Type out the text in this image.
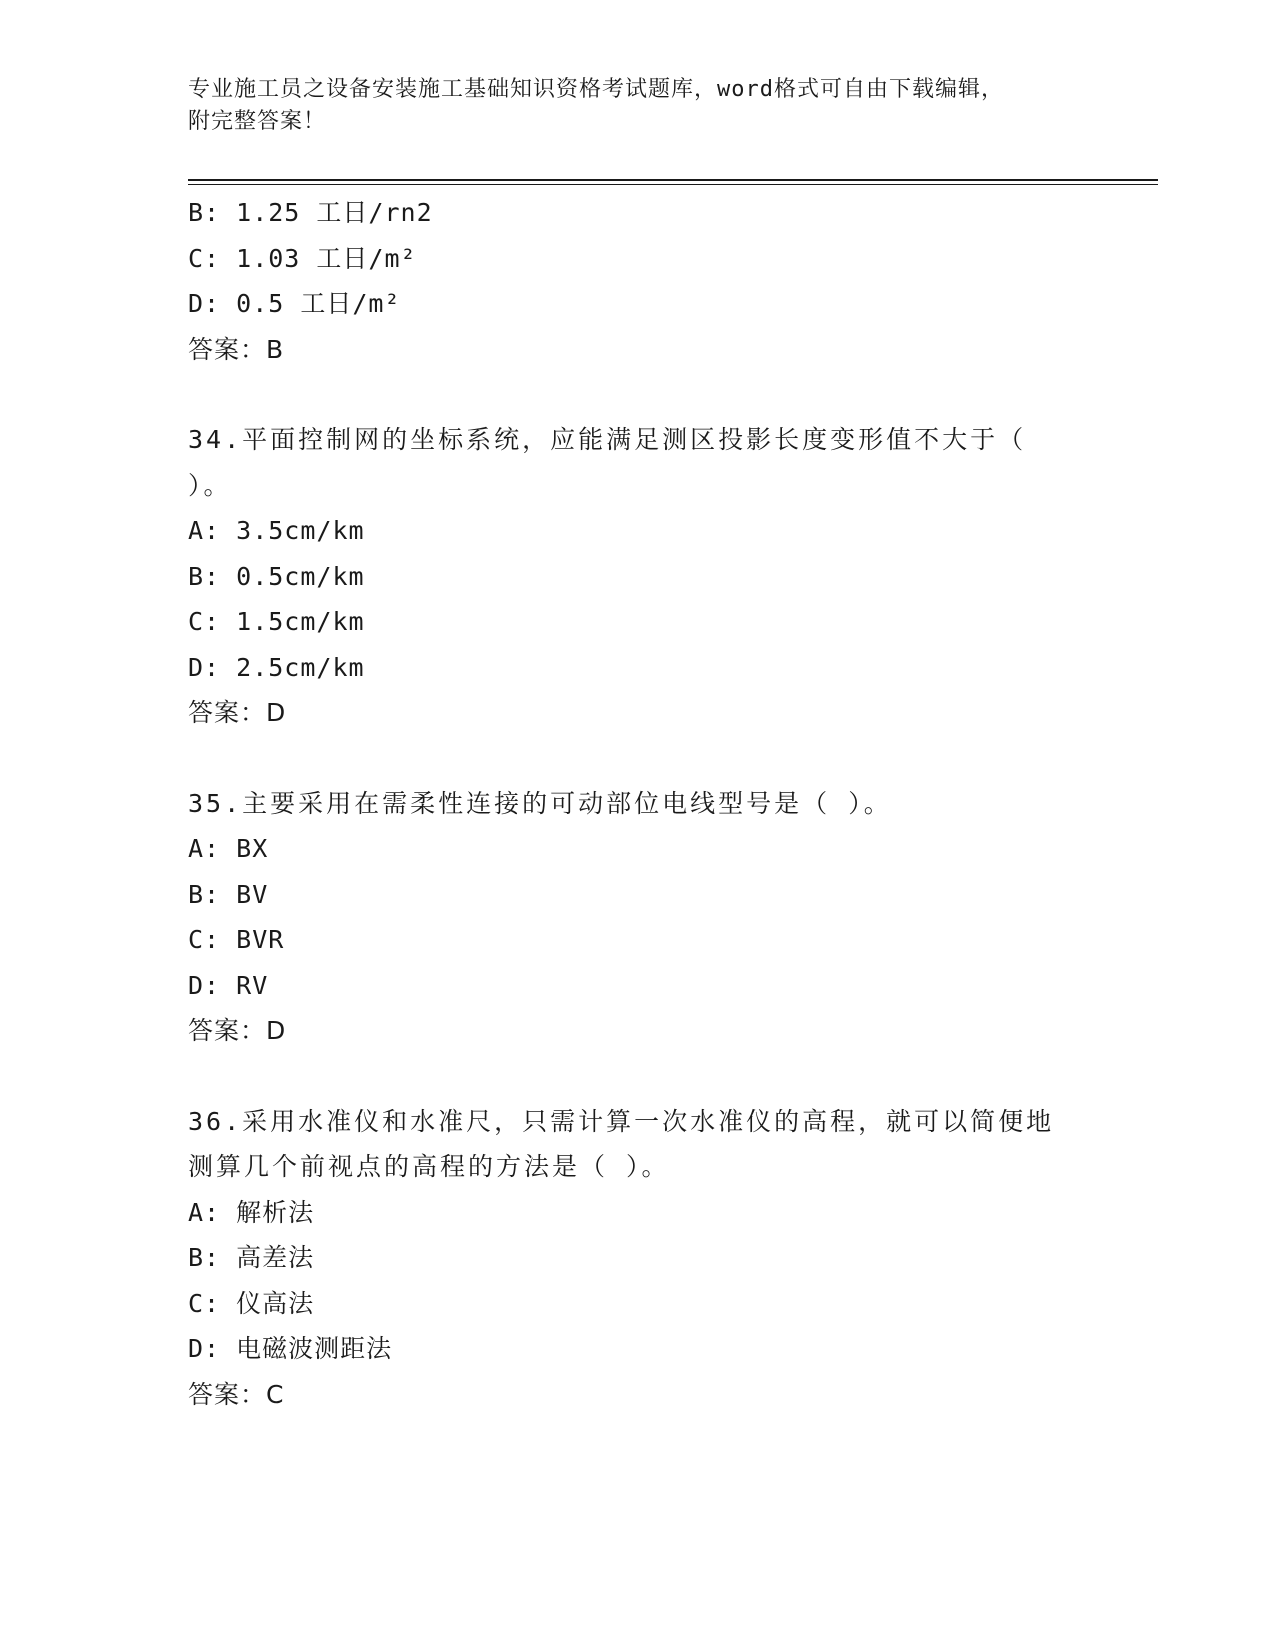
专业施工员之设备安装施工基础知识资格考试题库，word格式可自由下载编辑，
附完整答案！
B: 1.25 工日/rn2
C: 1.03 工日/m²
D: 0.5 工日/m²
答案：B
34.平面控制网的坐标系统，应能满足测区投影长度变形值不大于（
）。
A: 3.5cm/km
B: 0.5cm/km
C: 1.5cm/km
D: 2.5cm/km
答案：D
35.主要采用在需柔性连接的可动部位电线型号是（ ）。
A: BX
B: BV
C: BVR
D: RV
答案：D
36.采用水准仪和水准尺，只需计算一次水准仪的高程，就可以简便地
测算几个前视点的高程的方法是（ ）。
A: 解析法
B: 高差法
C: 仪高法
D: 电磁波测距法
答案：C
